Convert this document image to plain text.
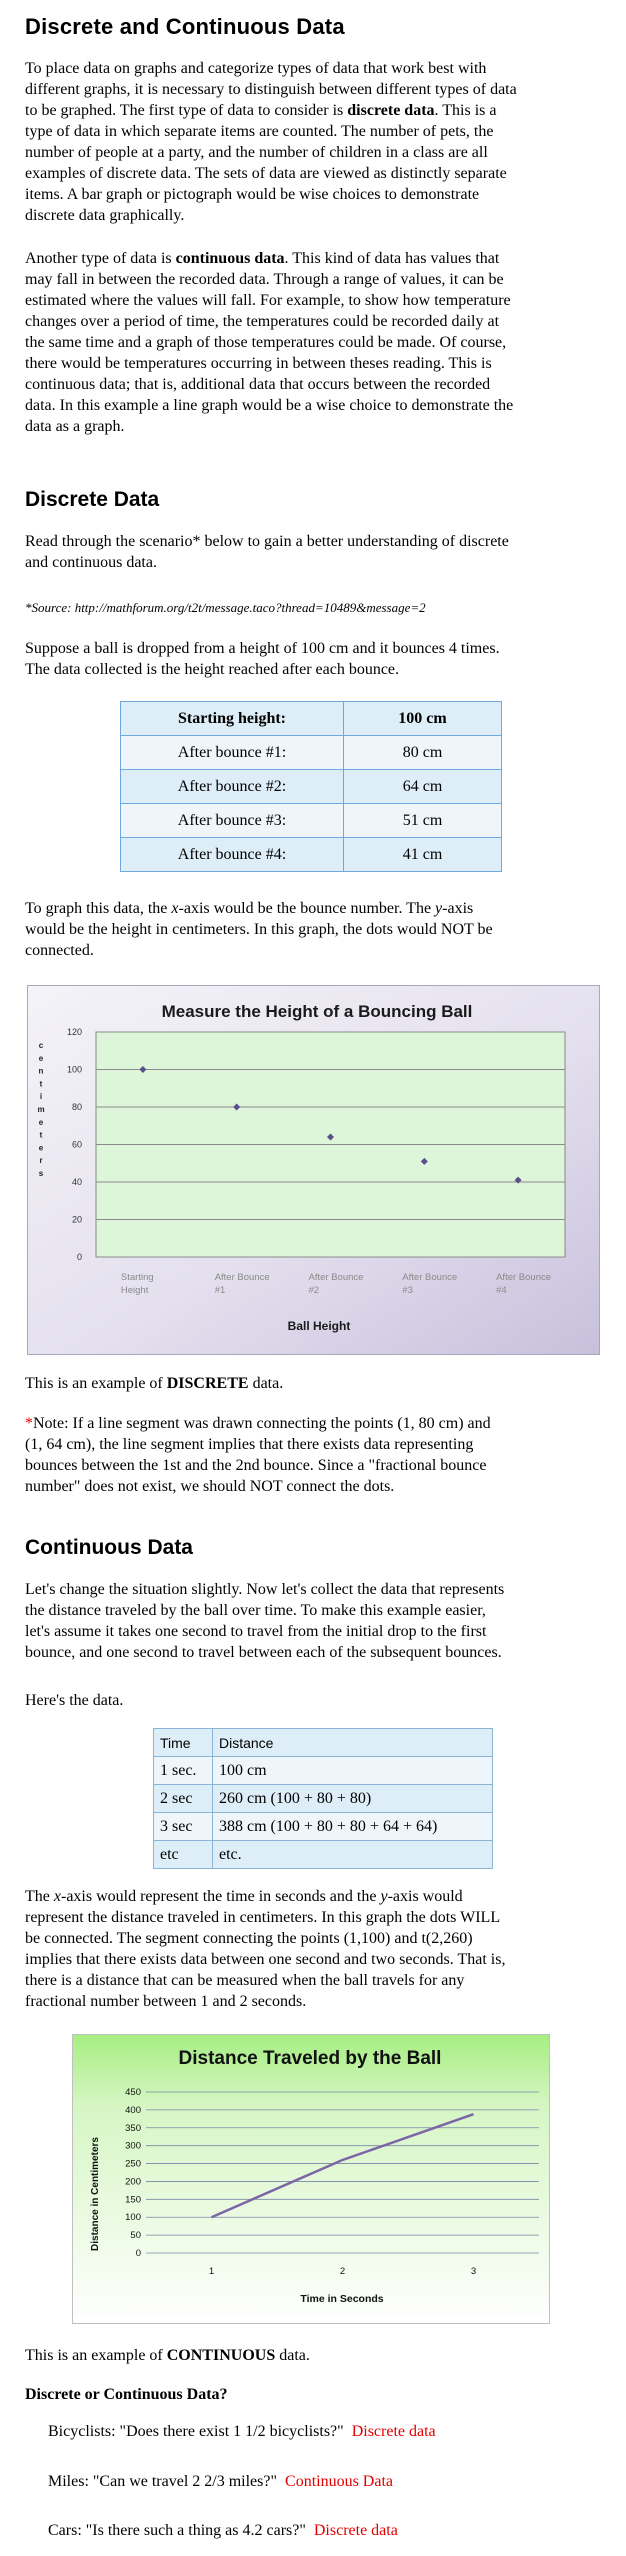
Discrete and Continuous Data

To place data on graphs and categorize types of data that work best with

different graphs, it is necessary to distinguish between different types of data

to be graphed. The first type of data to consider is discrete data. This is a

type of data in which separate items are counted. The number of pets, the

number of people at a party, and the number of children in a class are all

examples of discrete data. The sets of data are viewed as distinctly separate

items. A bar graph or pictograph would be wise choices to demonstrate

discrete data graphically.

Another type of data is continuous data. This kind of data has values that

may fall in between the recorded data. Through a range of values, it can be

estimated where the values will fall. For example, to show how temperature

changes over a period of time, the temperatures could be recorded daily at

the same time and a graph of those temperatures could be made. Of course,

there would be temperatures occurring in between theses reading. This is

continuous data; that is, additional data that occurs between the recorded

data. In this example a line graph would be a wise choice to demonstrate the

data as a graph.

Discrete Data

Read through the scenario* below to gain a better understanding of discrete

and continuous data.

*Source: http://mathforum.org/t2t/message.taco?thread=10489&message=2

Suppose a ball is dropped from a height of 100 cm and it bounces 4 times.

The data collected is the height reached after each bounce.

Starting height:	100 cm
After bounce #1:	80 cm
After bounce #2:	64 cm
After bounce #3:	51 cm
After bounce #4:	41 cm

To graph this data, the x-axis would be the bounce number. The y-axis

would be the height in centimeters. In this graph, the dots would NOT be

connected.

Measure the Height of a Bouncing Ball
0
20
40
60
80
100
120
c
e
n
t
i
m
e
t
e
r
s
Starting
Height
After Bounce
#1
After Bounce
#2
After Bounce
#3
After Bounce
#4
Ball Height
This is an example of DISCRETE data.

*Note: If a line segment was drawn connecting the points (1, 80 cm) and

(1, 64 cm), the line segment implies that there exists data representing

bounces between the 1st and the 2nd bounce. Since a "fractional bounce

number" does not exist, we should NOT connect the dots.

Continuous Data

Let's change the situation slightly. Now let's collect the data that represents

the distance traveled by the ball over time. To make this example easier,

let's assume it takes one second to travel from the initial drop to the first

bounce, and one second to travel between each of the subsequent bounces.

Here's the data.
Time	Distance
1 sec.	100 cm
2 sec	260 cm (100 + 80 + 80)
3 sec	388 cm (100 + 80 + 80 + 64 + 64)
etc	etc.

The x-axis would represent the time in seconds and the y-axis would

represent the distance traveled in centimeters. In this graph the dots WILL

be connected. The segment connecting the points (1,100) and t(2,260)

implies that there exists data between one second and two seconds. That is,

there is a distance that can be measured when the ball travels for any

fractional number between 1 and 2 seconds.

Distance Traveled by the Ball
0
50
100
150
200
250
300
350
400
450
1	2	3
Distance in Centimeters
Time in Seconds
This is an example of CONTINUOUS data.
Discrete or Continuous Data?
Bicyclists: "Does there exist 1 1/2 bicyclists?" Discrete data
Miles: "Can we travel 2 2/3 miles?" Continuous Data
Cars: "Is there such a thing as 4.2 cars?" Discrete data
